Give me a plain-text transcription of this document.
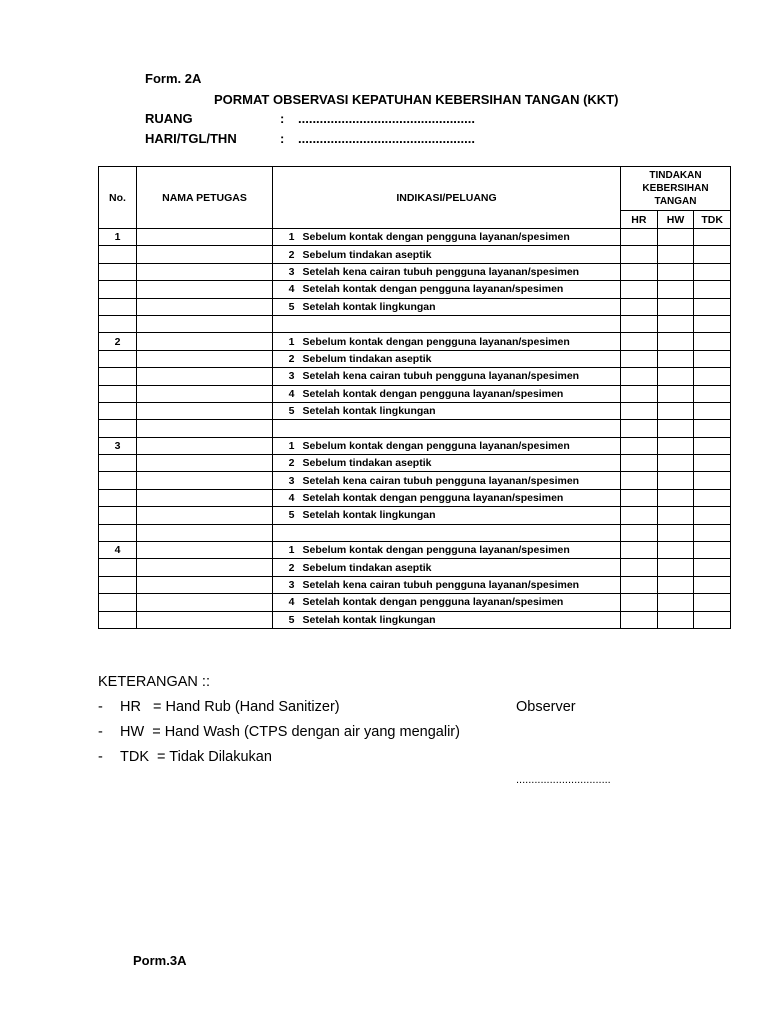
Form. 2A
PORMAT OBSERVASI KEPATUHAN KEBERSIHAN TANGAN (KKT)
RUANG	: .................................................
HARI/TGL/THN	: .................................................
No.	NAMA PETUGAS	INDIKASI/PELUANG		TINDAKAN KEBERSIHAN TANGAN		
				HR	HW	TDK
1		1	Sebelum kontak dengan pengguna layanan/spesimen			
		2	Sebelum tindakan aseptik			
		3	Setelah kena cairan tubuh pengguna layanan/spesimen			
		4	Setelah kontak dengan pengguna layanan/spesimen			
		5	Setelah kontak lingkungan			

2		1	Sebelum kontak dengan pengguna layanan/spesimen			
		2	Sebelum tindakan aseptik			
		3	Setelah kena cairan tubuh pengguna layanan/spesimen			
		4	Setelah kontak dengan pengguna layanan/spesimen			
		5	Setelah kontak lingkungan			

3		1	Sebelum kontak dengan pengguna layanan/spesimen			
		2	Sebelum tindakan aseptik			
		3	Setelah kena cairan tubuh pengguna layanan/spesimen			
		4	Setelah kontak dengan pengguna layanan/spesimen			
		5	Setelah kontak lingkungan			

4		1	Sebelum kontak dengan pengguna layanan/spesimen			
		2	Sebelum tindakan aseptik			
		3	Setelah kena cairan tubuh pengguna layanan/spesimen			
		4	Setelah kontak dengan pengguna layanan/spesimen			
		5	Setelah kontak lingkungan			
KETERANGAN ::
- HR   = Hand Rub (Hand Sanitizer)
- HW  = Hand Wash (CTPS dengan air yang mengalir)
- TDK  = Tidak Dilakukan
Observer
...............................
Porm.3A
